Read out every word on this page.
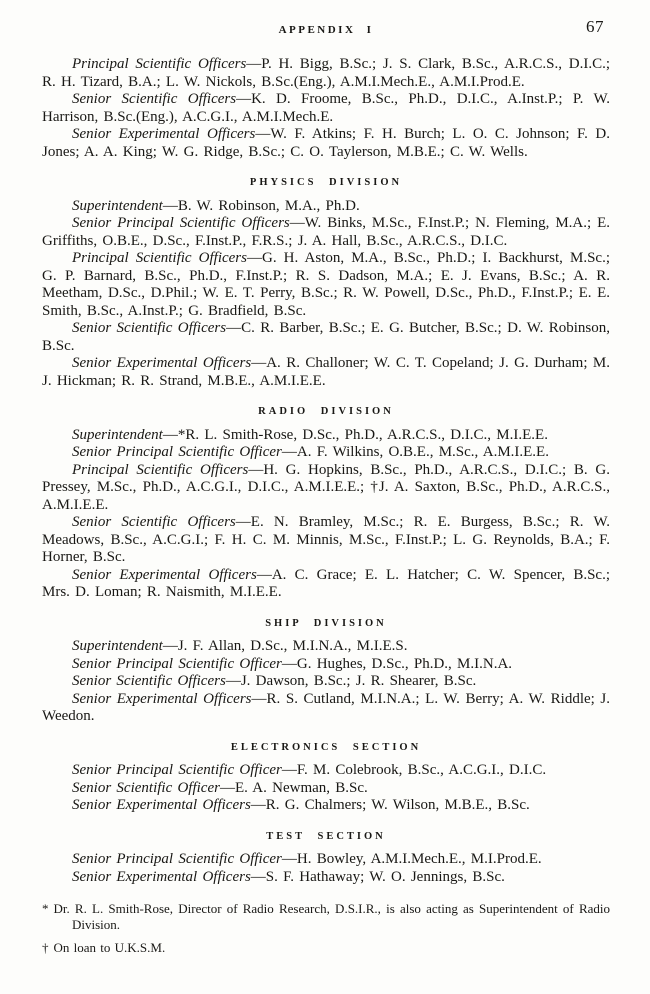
APPENDIX I	67

Principal Scientific Officers—P. H. Bigg, B.Sc.; J. S. Clark, B.Sc., A.R.C.S., D.I.C.; R. H. Tizard, B.A.; L. W. Nickols, B.Sc.(Eng.), A.M.I.Mech.E., A.M.I.Prod.E.

Senior Scientific Officers—K. D. Froome, B.Sc., Ph.D., D.I.C., A.Inst.P.; P. W. Harrison, B.Sc.(Eng.), A.C.G.I., A.M.I.Mech.E.

Senior Experimental Officers—W. F. Atkins; F. H. Burch; L. O. C. Johnson; F. D. Jones; A. A. King; W. G. Ridge, B.Sc.; C. O. Taylerson, M.B.E.; C. W. Wells.

PHYSICS DIVISION

Superintendent—B. W. Robinson, M.A., Ph.D.

Senior Principal Scientific Officers—W. Binks, M.Sc., F.Inst.P.; N. Fleming, M.A.; E. Griffiths, O.B.E., D.Sc., F.Inst.P., F.R.S.; J. A. Hall, B.Sc., A.R.C.S., D.I.C.

Principal Scientific Officers—G. H. Aston, M.A., B.Sc., Ph.D.; I. Backhurst, M.Sc.; G. P. Barnard, B.Sc., Ph.D., F.Inst.P.; R. S. Dadson, M.A.; E. J. Evans, B.Sc.; A. R. Meetham, D.Sc., D.Phil.; W. E. T. Perry, B.Sc.; R. W. Powell, D.Sc., Ph.D., F.Inst.P.; E. E. Smith, B.Sc., A.Inst.P.; G. Bradfield, B.Sc.

Senior Scientific Officers—C. R. Barber, B.Sc.; E. G. Butcher, B.Sc.; D. W. Robinson, B.Sc.

Senior Experimental Officers—A. R. Challoner; W. C. T. Copeland; J. G. Durham; M. J. Hickman; R. R. Strand, M.B.E., A.M.I.E.E.

RADIO DIVISION

Superintendent—*R. L. Smith-Rose, D.Sc., Ph.D., A.R.C.S., D.I.C., M.I.E.E.

Senior Principal Scientific Officer—A. F. Wilkins, O.B.E., M.Sc., A.M.I.E.E.

Principal Scientific Officers—H. G. Hopkins, B.Sc., Ph.D., A.R.C.S., D.I.C.; B. G. Pressey, M.Sc., Ph.D., A.C.G.I., D.I.C., A.M.I.E.E.; †J. A. Saxton, B.Sc., Ph.D., A.R.C.S., A.M.I.E.E.

Senior Scientific Officers—E. N. Bramley, M.Sc.; R. E. Burgess, B.Sc.; R. W. Meadows, B.Sc., A.C.G.I.; F. H. C. M. Minnis, M.Sc., F.Inst.P.; L. G. Reynolds, B.A.; F. Horner, B.Sc.

Senior Experimental Officers—A. C. Grace; E. L. Hatcher; C. W. Spencer, B.Sc.; Mrs. D. Loman; R. Naismith, M.I.E.E.

SHIP DIVISION

Superintendent—J. F. Allan, D.Sc., M.I.N.A., M.I.E.S.

Senior Principal Scientific Officer—G. Hughes, D.Sc., Ph.D., M.I.N.A.

Senior Scientific Officers—J. Dawson, B.Sc.; J. R. Shearer, B.Sc.

Senior Experimental Officers—R. S. Cutland, M.I.N.A.; L. W. Berry; A. W. Riddle; J. Weedon.

ELECTRONICS SECTION

Senior Principal Scientific Officer—F. M. Colebrook, B.Sc., A.C.G.I., D.I.C.

Senior Scientific Officer—E. A. Newman, B.Sc.

Senior Experimental Officers—R. G. Chalmers; W. Wilson, M.B.E., B.Sc.

TEST SECTION

Senior Principal Scientific Officer—H. Bowley, A.M.I.Mech.E., M.I.Prod.E.

Senior Experimental Officers—S. F. Hathaway; W. O. Jennings, B.Sc.

* Dr. R. L. Smith-Rose, Director of Radio Research, D.S.I.R., is also acting as Superintendent of Radio Division.

† On loan to U.K.S.M.
